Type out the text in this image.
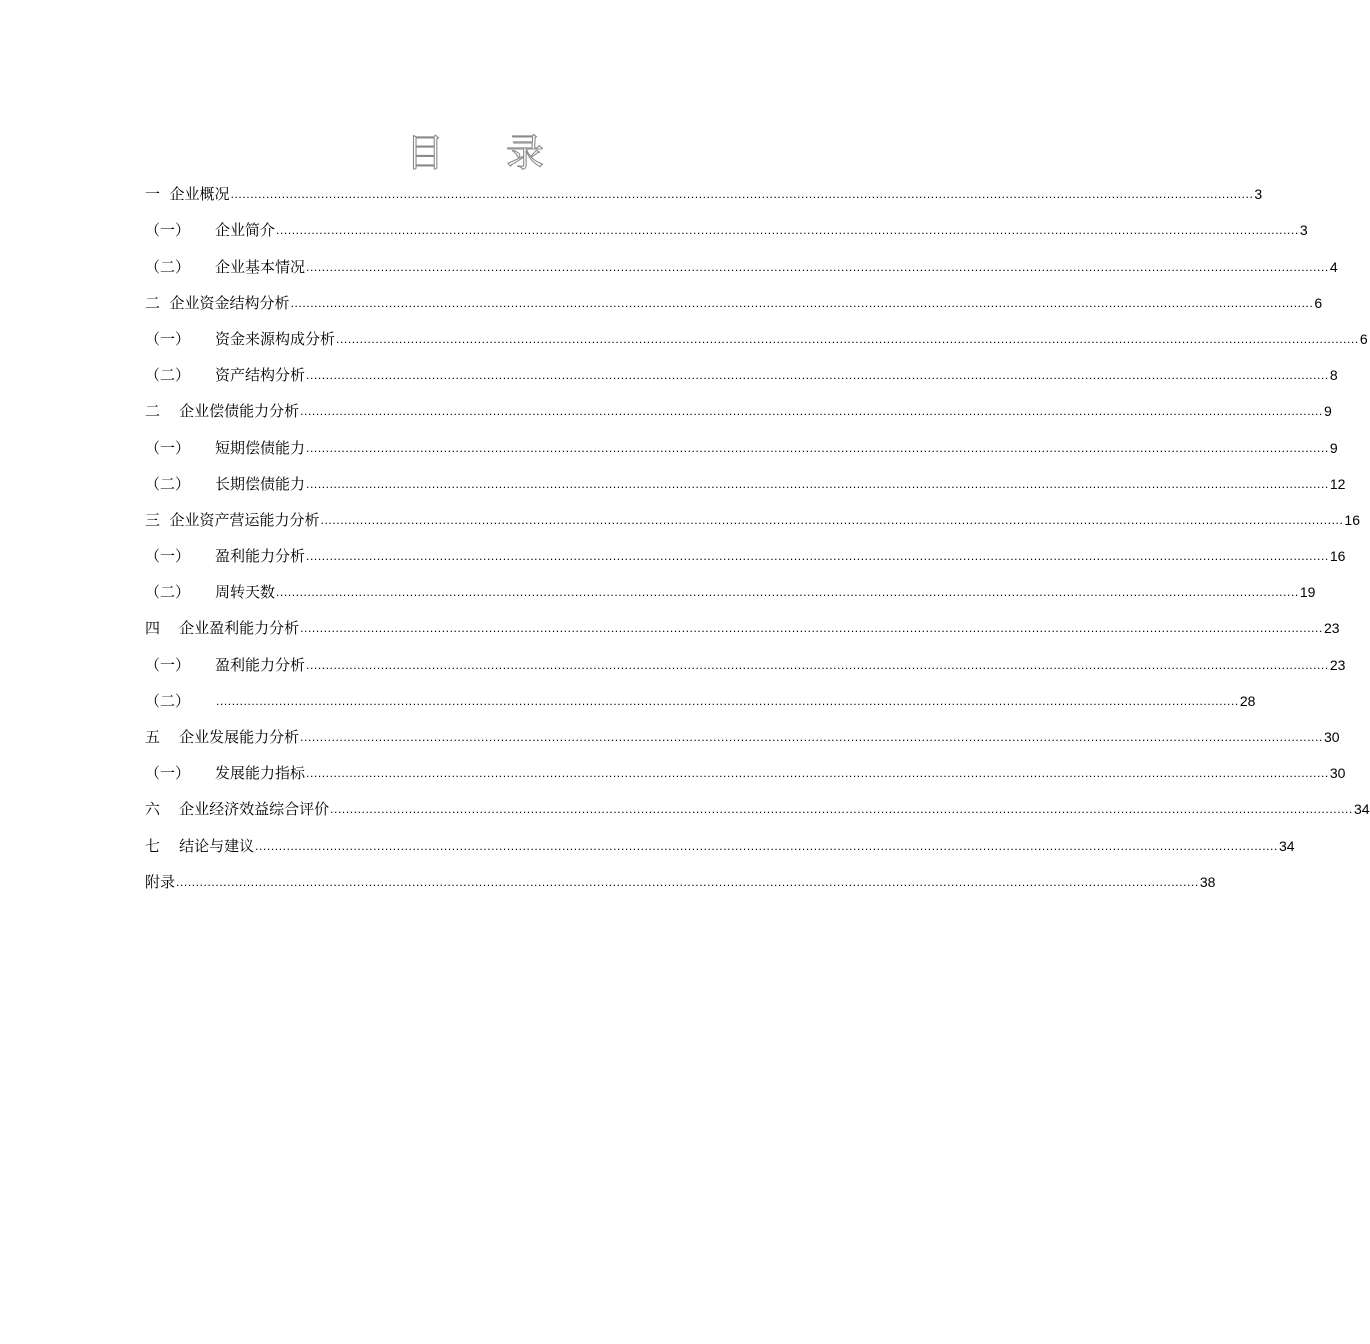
目 录
一 企业概况 .................................................................................................................................................................................................................................................................... 3
（一）	企业简介 .................................................................................................................................................................................................................................................................... 3
（二）	企业基本情况 .................................................................................................................................................................................................................................................................... 4
二 企业资金结构分析 .................................................................................................................................................................................................................................................................... 6
（一）	资金来源构成分析 .................................................................................................................................................................................................................................................................... 6
（二）	资产结构分析 .................................................................................................................................................................................................................................................................... 8
二 企业偿债能力分析 .................................................................................................................................................................................................................................................................... 9
（一）	短期偿债能力 .................................................................................................................................................................................................................................................................... 9
（二）	长期偿债能力 .................................................................................................................................................................................................................................................................... 12
三 企业资产营运能力分析 .................................................................................................................................................................................................................................................................... 16
（一）	盈利能力分析 .................................................................................................................................................................................................................................................................... 16
（二）	周转天数 .................................................................................................................................................................................................................................................................... 19
四 企业盈利能力分析 .................................................................................................................................................................................................................................................................... 23
（一）	盈利能力分析 .................................................................................................................................................................................................................................................................... 23
（二）	.................................................................................................................................................................................................................................................................... 28
五 企业发展能力分析 .................................................................................................................................................................................................................................................................... 30
（一）	发展能力指标 .................................................................................................................................................................................................................................................................... 30
六 企业经济效益综合评价 .................................................................................................................................................................................................................................................................... 34
七 结论与建议 .................................................................................................................................................................................................................................................................... 34
附录 .................................................................................................................................................................................................................................................................... 38
